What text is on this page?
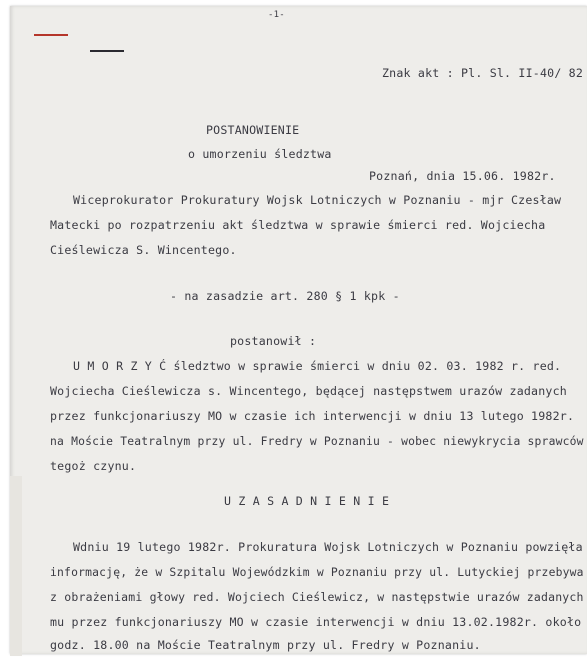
-1-
Znak akt : Pl. Sl. II-40/ 82
POSTANOWIENIE
o umorzeniu śledztwa
Poznań, dnia 15.06. 1982r.
Wiceprokurator Prokuratury Wojsk Lotniczych w Poznaniu - mjr Czesław
Matecki po rozpatrzeniu akt śledztwa w sprawie śmierci red. Wojciecha
Cieślewicza S. Wincentego.
- na zasadzie art. 280 § 1 kpk -
postanowił :
U M O R Z Y Ć śledztwo w sprawie śmierci w dniu 02. 03. 1982 r. red.
Wojciecha Cieślewicza s. Wincentego, będącej następstwem urazów zadanych
przez funkcjonariuszy MO w czasie ich interwencji w dniu 13 lutego 1982r.
na Moście Teatralnym przy ul. Fredry w Poznaniu - wobec niewykrycia sprawców
tegoż czynu.
U Z A S A D N I E N I E
Wdniu 19 lutego 1982r. Prokuratura Wojsk Lotniczych w Poznaniu powzięła
informację, że w Szpitalu Wojewódzkim w Poznaniu przy ul. Lutyckiej przebywa
z obrażeniami głowy red. Wojciech Cieślewicz, w następstwie urazów zadanych
mu przez funkcjonariuszy MO w czasie interwencji w dniu 13.02.1982r. około
godz. 18.00 na Moście Teatralnym przy ul. Fredry w Poznaniu.
